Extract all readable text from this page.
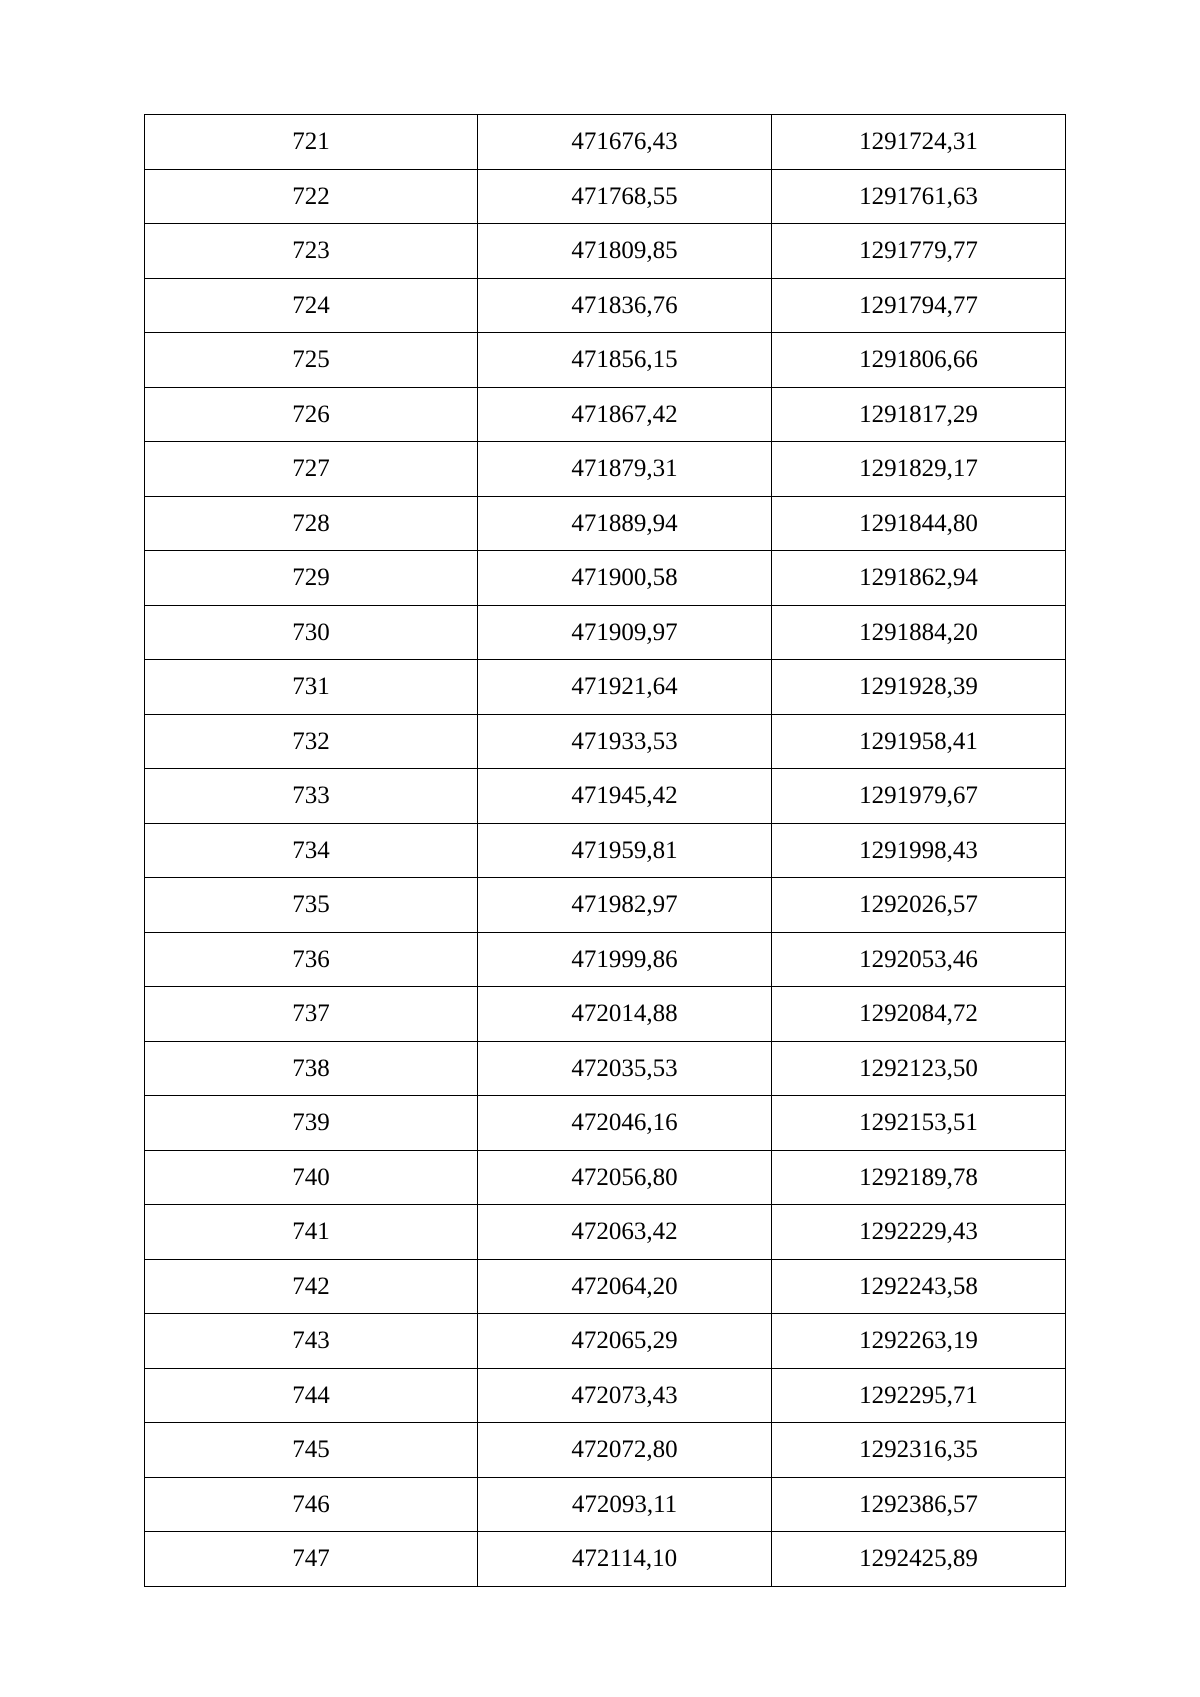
721	471676,43	1291724,31
722	471768,55	1291761,63
723	471809,85	1291779,77
724	471836,76	1291794,77
725	471856,15	1291806,66
726	471867,42	1291817,29
727	471879,31	1291829,17
728	471889,94	1291844,80
729	471900,58	1291862,94
730	471909,97	1291884,20
731	471921,64	1291928,39
732	471933,53	1291958,41
733	471945,42	1291979,67
734	471959,81	1291998,43
735	471982,97	1292026,57
736	471999,86	1292053,46
737	472014,88	1292084,72
738	472035,53	1292123,50
739	472046,16	1292153,51
740	472056,80	1292189,78
741	472063,42	1292229,43
742	472064,20	1292243,58
743	472065,29	1292263,19
744	472073,43	1292295,71
745	472072,80	1292316,35
746	472093,11	1292386,57
747	472114,10	1292425,89
